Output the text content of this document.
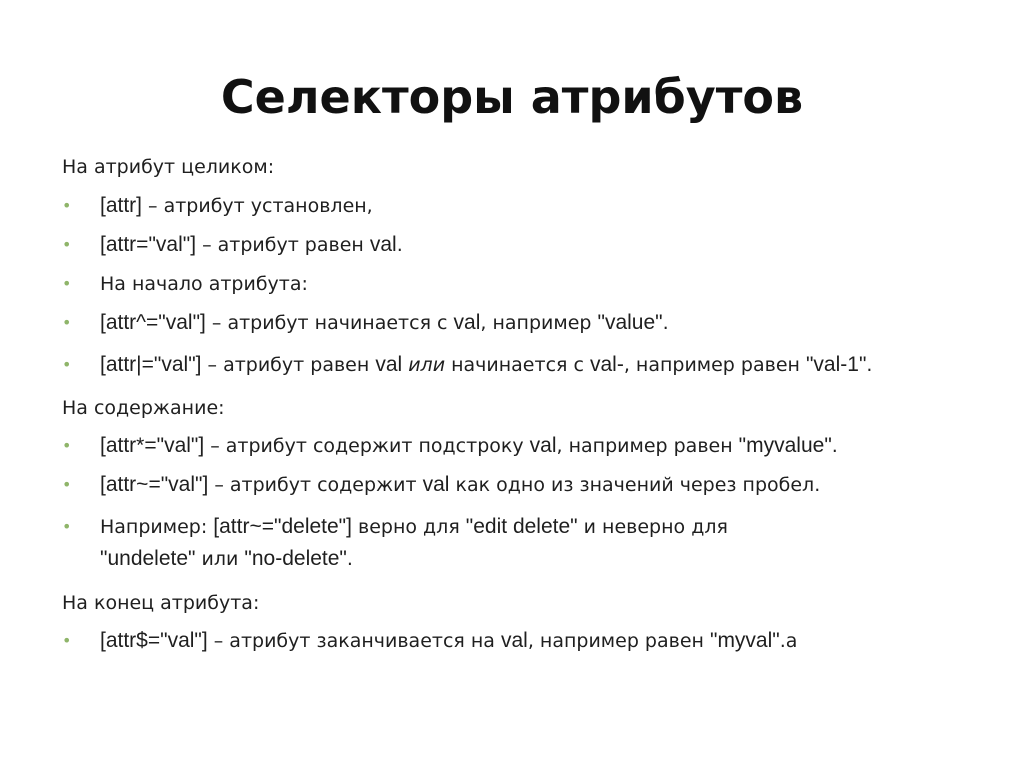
Селекторы атрибутов
На атрибут целиком:
• [attr] – атрибут установлен,
• [attr="val"] – атрибут равен val.
• На начало атрибута:
• [attr^="val"] – атрибут начинается с val, например "value".
• [attr|="val"] – атрибут равен val или начинается с val-, например равен "val-1".
На содержание:
• [attr*="val"] – атрибут содержит подстроку val, например равен "myvalue".
• [attr~="val"] – атрибут содержит val как одно из значений через пробел.
• Например: [attr~="delete"] верно для "edit delete" и неверно для "undelete" или "no-delete".
На конец атрибута:
• [attr$="val"] – атрибут заканчивается на val, например равен "myval".а
